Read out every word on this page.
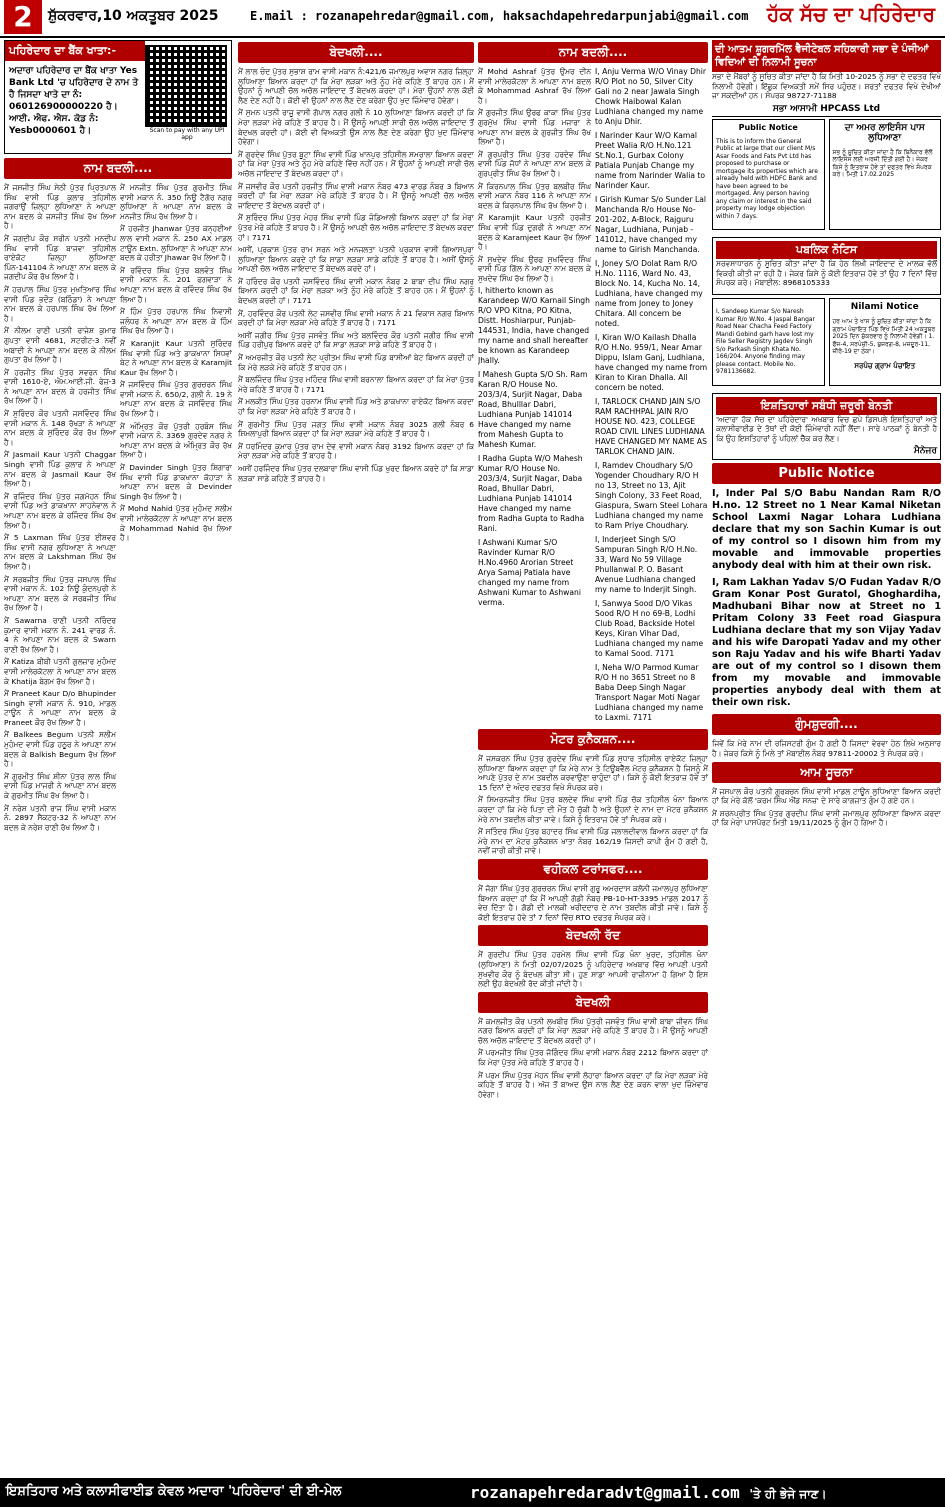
2	ਸ਼ੁੱਕਰਵਾਰ,10 ਅਕਤੂਬਰ 2025	E.mail : rozanapehredar@gmail.com, haksachdapehredarpunjabi@gmail.com ਹੱਕ ਸੱਚ ਦਾ ਪਹਿਰੇਦਾਰ
ਪਹਿਰੇਦਾਰ ਦਾ ਬੈਂਕ ਖਾਤਾ:-
ਅਦਾਰਾ ਪਹਿਰੇਦਾਰ ਦਾ ਬੈਂਕ ਖਾਤਾ Yes Bank Ltd 'ਚ ਪਹਿਰੇਦਾਰ ਦੇ ਨਾਮ ਤੇ ਹੈ ਜਿਸਦਾ ਖਾਤੇ ਦਾ ਨੰ: 060126900000220 ਹੈ। ਆਈ. ਐਫ. ਐਸ. ਕੋਡ ਨੰ: Yesb0000601 ਹੈ।	Scan to pay with any UPI app
ਨਾਮ ਬਦਲੀ....

ਮੈਂ ਜਸਜੀਤ ਸਿੰਘ ਸੇਠੀ ਪੁੱਤਰ ਪ੍ਰਿਤਪਾਲ ਸਿੰਘ ਵਾਸੀ ਪਿੰਡ ਕੁਲਾਰ ਤਹਿਸੀਲ ਜਗਰਾਉਂ ਜ਼ਿਲ੍ਹਾ ਲੁਧਿਆਣਾ ਨੇ ਆਪਣਾ ਨਾਮ ਬਦਲ ਕੇ ਜਸਜੀਤ ਸਿੰਘ ਰੱਖ ਲਿਆ ਹੈ।

ਮੈਂ ਜਗਦੀਪ ਕੌਰ ਸਰੀਨ ਪਤਨੀ ਮਨਦੀਪ ਸਿੰਘ ਵਾਸੀ ਪਿੰਡ ਬਾਜਵਾ ਤਹਿਸੀਲ ਰਾਏਕੋਟ ਜ਼ਿਲ੍ਹਾ ਲੁਧਿਆਣਾ ਪਿੰਨ-141104 ਨੇ ਆਪਣਾ ਨਾਮ ਬਦਲ ਕੇ ਜਗਦੀਪ ਕੌਰ ਰੱਖ ਲਿਆ ਹੈ।

ਮੈਂ ਹਰਪਾਲ ਸਿੰਘ ਪੁੱਤਰ ਮੁਖਤਿਆਰ ਸਿੰਘ ਵਾਸੀ ਪਿੰਡ ਭਦੌੜ (ਬਠਿੰਡਾ) ਨੇ ਆਪਣਾ ਨਾਮ ਬਦਲ ਕੇ ਹਰਪਾਲ ਸਿੰਘ ਰੱਖ ਲਿਆ ਹੈ।

ਮੈਂ ਨੀਲਮ ਰਾਣੀ ਪਤਨੀ ਰਾਜੇਸ਼ ਕੁਮਾਰ ਗੁਪਤਾ ਵਾਸੀ 4681, ਸਟਰੀਟ-3 ਨਵੀਂ ਅਬਾਦੀ ਨੇ ਆਪਣਾ ਨਾਮ ਬਦਲ ਕੇ ਨੀਲਮ ਗੁਪਤਾ ਰੱਖ ਲਿਆ ਹੈ।

ਮੈਂ ਹਰਜੀਤ ਸਿੰਘ ਪੁੱਤਰ ਸਵਰਨ ਸਿੰਘ ਵਾਸੀ 1610-ਏ, ਐਮ.ਆਈ.ਜੀ. ਫੇਜ਼-3 ਨੇ ਆਪਣਾ ਨਾਮ ਬਦਲ ਕੇ ਹਰਜੀਤ ਸਿੰਘ ਰੱਖ ਲਿਆ ਹੈ।

ਮੈਂ ਸੁਰਿੰਦਰ ਕੌਰ ਪਤਨੀ ਜਸਵਿੰਦਰ ਸਿੰਘ ਵਾਸੀ ਮਕਾਨ ਨੰ. 148 ਰੱਖੜਾ ਨੇ ਆਪਣਾ ਨਾਮ ਬਦਲ ਕੇ ਸੁਰਿੰਦਰ ਕੌਰ ਰੱਖ ਲਿਆ ਹੈ।

ਮੈਂ Jasmail Kaur ਪਤਨੀ Chaggar Singh ਵਾਸੀ ਪਿੰਡ ਕੁਲਾਰ ਨੇ ਆਪਣਾ ਨਾਮ ਬਦਲ ਕੇ Jasmail Kaur ਰੱਖ ਲਿਆ ਹੈ।

ਮੈਂ ਰਜਿੰਦਰ ਸਿੰਘ ਪੁੱਤਰ ਜਗਮੋਹਨ ਸਿੰਘ ਵਾਸੀ ਪਿੰਡ ਅਤੇ ਡਾਕਖਾਨਾ ਸਾਹਨੇਵਾਲ ਨੇ ਆਪਣਾ ਨਾਮ ਬਦਲ ਕੇ ਰਜਿੰਦਰ ਸਿੰਘ ਰੱਖ ਲਿਆ ਹੈ।

ਮੈਂ 5 Laxman ਸਿੰਘ ਪੁੱਤਰ ਈਸ਼ਵਰ ਸਿੰਘ ਵਾਸੀ ਨਗਰ ਲੁਧਿਆਣਾ ਨੇ ਆਪਣਾ ਨਾਮ ਬਦਲ ਕੇ Lakshman ਸਿੰਘ ਰੱਖ ਲਿਆ ਹੈ।

ਮੈਂ ਸਰਬਜੀਤ ਸਿੰਘ ਪੁੱਤਰ ਜਸਪਾਲ ਸਿੰਘ ਵਾਸੀ ਮਕਾਨ ਨੰ. 102 ਨਿਊ ਕੁੰਦਨਪੁਰੀ ਨੇ ਆਪਣਾ ਨਾਮ ਬਦਲ ਕੇ ਸਰਬਜੀਤ ਸਿੰਘ ਰੱਖ ਲਿਆ ਹੈ।

ਮੈਂ Sawarna ਰਾਣੀ ਪਤਨੀ ਨਰਿੰਦਰ ਕੁਮਾਰ ਵਾਸੀ ਮਕਾਨ ਨੰ. 241 ਵਾਰਡ ਨੰ. 4 ਨੇ ਆਪਣਾ ਨਾਮ ਬਦਲ ਕੇ Swarn ਰਾਣੀ ਰੱਖ ਲਿਆ ਹੈ।

ਮੈਂ Katiza ਬੀਬੀ ਪਤਨੀ ਗੁਲਜ਼ਾਰ ਮੁਹੰਮਦ ਵਾਸੀ ਮਾਲੇਰਕੋਟਲਾ ਨੇ ਆਪਣਾ ਨਾਮ ਬਦਲ ਕੇ Khatija ਬੇਗਮ ਰੱਖ ਲਿਆ ਹੈ।

ਮੈਂ Praneet Kaur D/o Bhupinder Singh ਵਾਸੀ ਮਕਾਨ ਨੰ. 910, ਮਾਡਲ ਟਾਊਨ ਨੇ ਆਪਣਾ ਨਾਮ ਬਦਲ ਕੇ Praneet ਕੌਰ ਰੱਖ ਲਿਆ ਹੈ।

ਮੈਂ Balkees Begum ਪਤਨੀ ਸਲੀਮ ਮੁਹੰਮਦ ਵਾਸੀ ਪਿੰਡ ਹਠੂਰ ਨੇ ਆਪਣਾ ਨਾਮ ਬਦਲ ਕੇ Balkish Begum ਰੱਖ ਲਿਆ ਹੈ।

ਮੈਂ ਗੁਰਮੀਤ ਸਿੰਘ ਸ਼ੀਨਾ ਪੁੱਤਰ ਲਾਲ ਸਿੰਘ ਵਾਸੀ ਪਿੰਡ ਮਾਜਰੀ ਨੇ ਆਪਣਾ ਨਾਮ ਬਦਲ ਕੇ ਗੁਰਮੀਤ ਸਿੰਘ ਰੱਖ ਲਿਆ ਹੈ।

ਮੈਂ ਨਰੇਸ਼ ਪਤਨੀ ਰਾਜ ਸਿੰਘ ਵਾਸੀ ਮਕਾਨ ਨੰ. 2897 ਸੈਕਟਰ-32 ਨੇ ਆਪਣਾ ਨਾਮ ਬਦਲ ਕੇ ਨਰੇਸ਼ ਰਾਣੀ ਰੱਖ ਲਿਆ ਹੈ।

ਮੈਂ ਮਨਜੀਤ ਸਿੰਘ ਪੁੱਤਰ ਗੁਰਮੀਤ ਸਿੰਘ ਵਾਸੀ ਮਕਾਨ ਨੰ. 350 ਨਿਊ ਟੈਗੋਰ ਨਗਰ ਲੁਧਿਆਣਾ ਨੇ ਆਪਣਾ ਨਾਮ ਬਦਲ ਕੇ ਮਨਜੀਤ ਸਿੰਘ ਰੱਖ ਲਿਆ ਹੈ।

ਮੈਂ ਹਰਜੀਤ Jhanwar ਪੁੱਤਰ ਕਨ੍ਹਈਆ ਲਾਲ ਵਾਸੀ ਮਕਾਨ ਨੰ. 250 AX ਮਾਡਲ ਟਾਊਨ Extn. ਲੁਧਿਆਣਾ ਨੇ ਆਪਣਾ ਨਾਮ ਬਦਲ ਕੇ ਹਰੀਤਾ Jhawar ਰੱਖ ਲਿਆ ਹੈ।

ਮੈਂ ਰਵਿੰਦਰ ਸਿੰਘ ਪੁੱਤਰ ਬਲਵੰਤ ਸਿੰਘ ਵਾਸੀ ਮਕਾਨ ਨੰ. 201 ਫਗਵਾੜਾ ਨੇ ਆਪਣਾ ਨਾਮ ਬਦਲ ਕੇ ਰਵਿੰਦਰ ਸਿੰਘ ਰੱਖ ਲਿਆ ਹੈ।

ਮੈਂ ਹਿੰਮ ਪੁੱਤਰ ਹਰਪਾਲ ਸਿੰਘ ਨਿਵਾਸੀ ਜਲੰਧਰ ਨੇ ਆਪਣਾ ਨਾਮ ਬਦਲ ਕੇ ਹਿੰਮ ਸਿੰਘ ਰੱਖ ਲਿਆ ਹੈ।

ਮੈਂ Karanjit Kaur ਪਤਨੀ ਸੁਰਿੰਦਰ ਸਿੰਘ ਵਾਸੀ ਪਿੰਡ ਅਤੇ ਡਾਕਖਾਨਾ ਸਿਧਵਾਂ ਬੇਟ ਨੇ ਆਪਣਾ ਨਾਮ ਬਦਲ ਕੇ Karamjit Kaur ਰੱਖ ਲਿਆ ਹੈ।

ਮੈਂ ਜਸਵਿੰਦਰ ਸਿੰਘ ਪੁੱਤਰ ਗੁਰਚਰਨ ਸਿੰਘ ਵਾਸੀ ਮਕਾਨ ਨੰ. 650/2, ਗਲੀ ਨੰ. 19 ਨੇ ਆਪਣਾ ਨਾਮ ਬਦਲ ਕੇ ਜਸਵਿੰਦਰ ਸਿੰਘ ਰੱਖ ਲਿਆ ਹੈ।

ਮੈਂ ਅੰਮ੍ਰਿਤ ਕੌਰ ਪੁੱਤਰੀ ਹਰਬੰਸ ਸਿੰਘ ਵਾਸੀ ਮਕਾਨ ਨੰ. 3369 ਗੁਰਦੇਵ ਨਗਰ ਨੇ ਆਪਣਾ ਨਾਮ ਬਦਲ ਕੇ ਅੰਮ੍ਰਿਤ ਕੌਰ ਰੱਖ ਲਿਆ ਹੈ।

ਮੈਂ Davinder Singh ਪੁੱਤਰ ਸ਼ਿਗਾਰਾ ਸਿੰਘ ਵਾਸੀ ਪਿੰਡ ਡਾਕਖਾਨਾ ਕੋਹਾੜਾ ਨੇ ਆਪਣਾ ਨਾਮ ਬਦਲ ਕੇ Devinder Singh ਰੱਖ ਲਿਆ ਹੈ।

ਮੈਂ Mohd Nahid ਪੁੱਤਰ ਮੁਹੰਮਦ ਸਲੀਮ ਵਾਸੀ ਮਾਲੇਰਕੋਟਲਾ ਨੇ ਆਪਣਾ ਨਾਮ ਬਦਲ ਕੇ Mohammad Nahid ਰੱਖ ਲਿਆ ਹੈ।

ਬੇਦਖਲੀ....

ਮੈਂ ਲਾਲ ਚੰਦ ਪੁੱਤਰ ਸੁਭਾਸ਼ ਰਾਮ ਵਾਸੀ ਮਕਾਨ ਨੰ:421/6 ਜਮਾਲਪੁਰ ਅਵਾਸ ਨਗਰ ਜ਼ਿਲ੍ਹਾ ਲੁਧਿਆਣਾ ਬਿਆਨ ਕਰਦਾ ਹਾਂ ਕਿ ਮੇਰਾ ਲੜਕਾ ਅਤੇ ਨੂੰਹ ਮੇਰੇ ਕਹਿਣੇ ਤੋਂ ਬਾਹਰ ਹਨ। ਮੈਂ ਉਹਨਾਂ ਨੂੰ ਆਪਣੀ ਚੱਲ ਅਚੱਲ ਜਾਇਦਾਦ ਤੋਂ ਬੇਦਖਲ ਕਰਦਾ ਹਾਂ। ਮੇਰਾ ਉਹਨਾਂ ਨਾਲ ਕੋਈ ਲੈਣ ਦੇਣ ਨਹੀਂ ਹੈ। ਕੋਈ ਵੀ ਉਹਨਾਂ ਨਾਲ ਲੈਣ ਦੇਣ ਕਰੇਗਾ ਉਹ ਖੁਦ ਜ਼ਿੰਮੇਵਾਰ ਹੋਵੇਗਾ।

ਮੈਂ ਸੁਮਨ ਪਤਨੀ ਰਾਜੂ ਵਾਸੀ ਗੋਪਾਲ ਨਗਰ ਗਲੀ ਨੰ 10 ਲੁਧਿਆਣਾ ਬਿਆਨ ਕਰਦੀ ਹਾਂ ਕਿ ਮੇਰਾ ਲੜਕਾ ਮੇਰੇ ਕਹਿਣੇ ਤੋਂ ਬਾਹਰ ਹੈ। ਮੈਂ ਉਸਨੂੰ ਆਪਣੀ ਸਾਰੀ ਚੱਲ ਅਚੱਲ ਜਾਇਦਾਦ ਤੋਂ ਬੇਦਖਲ ਕਰਦੀ ਹਾਂ। ਕੋਈ ਵੀ ਵਿਅਕਤੀ ਉਸ ਨਾਲ ਲੈਣ ਦੇਣ ਕਰੇਗਾ ਉਹ ਖੁਦ ਜ਼ਿੰਮੇਵਾਰ ਹੋਵੇਗਾ।

ਮੈਂ ਗੁਰਦੇਵ ਸਿੰਘ ਪੁੱਤਰ ਬੂਟਾ ਸਿੰਘ ਵਾਸੀ ਪਿੰਡ ਖਾਨਪੁਰ ਤਹਿਸੀਲ ਸਮਰਾਲਾ ਬਿਆਨ ਕਰਦਾ ਹਾਂ ਕਿ ਮੇਰਾ ਪੁੱਤਰ ਅਤੇ ਨੂੰਹ ਮੇਰੇ ਕਹਿਣੇ ਵਿੱਚ ਨਹੀਂ ਹਨ। ਮੈਂ ਉਹਨਾਂ ਨੂੰ ਆਪਣੀ ਸਾਰੀ ਚੱਲ ਅਚੱਲ ਜਾਇਦਾਦ ਤੋਂ ਬੇਦਖਲ ਕਰਦਾ ਹਾਂ।

ਮੈਂ ਜਸਵੀਰ ਕੌਰ ਪਤਨੀ ਹਰਜੀਤ ਸਿੰਘ ਵਾਸੀ ਮਕਾਨ ਨੰਬਰ 473 ਵਾਰਡ ਨੰਬਰ 3 ਬਿਆਨ ਕਰਦੀ ਹਾਂ ਕਿ ਮੇਰਾ ਲੜਕਾ ਮੇਰੇ ਕਹਿਣੇ ਤੋਂ ਬਾਹਰ ਹੈ। ਮੈਂ ਉਸਨੂੰ ਆਪਣੀ ਚੱਲ ਅਚੱਲ ਜਾਇਦਾਦ ਤੋਂ ਬੇਦਖਲ ਕਰਦੀ ਹਾਂ।

ਮੈਂ ਸੁਰਿੰਦਰ ਸਿੰਘ ਪੁੱਤਰ ਮੇਹਰ ਸਿੰਘ ਵਾਸੀ ਪਿੰਡ ਜੰਡਿਆਲੀ ਬਿਆਨ ਕਰਦਾ ਹਾਂ ਕਿ ਮੇਰਾ ਪੁੱਤਰ ਮੇਰੇ ਕਹਿਣੇ ਤੋਂ ਬਾਹਰ ਹੈ। ਮੈਂ ਉਸਨੂੰ ਆਪਣੀ ਚੱਲ ਅਚੱਲ ਜਾਇਦਾਦ ਤੋਂ ਬੇਦਖਲ ਕਰਦਾ ਹਾਂ। 7171

ਅਸੀਂ, ਪ੍ਰਕਾਸ਼ ਪੁੱਤਰ ਰਾਮ ਸਰਨ ਅਤੇ ਮਨਜਲਤਾ ਪਤਨੀ ਪ੍ਰਕਾਸ਼ ਵਾਸੀ ਗਿਆਸਪੁਰਾ ਲੁਧਿਆਣਾ ਬਿਆਨ ਕਰਦੇ ਹਾਂ ਕਿ ਸਾਡਾ ਲੜਕਾ ਸਾਡੇ ਕਹਿਣੇ ਤੋਂ ਬਾਹਰ ਹੈ। ਅਸੀਂ ਉਸਨੂੰ ਆਪਣੀ ਚੱਲ ਅਚੱਲ ਜਾਇਦਾਦ ਤੋਂ ਬੇਦਖਲ ਕਰਦੇ ਹਾਂ।

ਮੈਂ ਹਰਿੰਦਰ ਕੌਰ ਪਤਨੀ ਜਸਵਿੰਦਰ ਸਿੰਘ ਵਾਸੀ ਮਕਾਨ ਨੰਬਰ 2 ਬਾਬਾ ਦੀਪ ਸਿੰਘ ਨਗਰ ਬਿਆਨ ਕਰਦੀ ਹਾਂ ਕਿ ਮੇਰਾ ਲੜਕਾ ਅਤੇ ਨੂੰਹ ਮੇਰੇ ਕਹਿਣੇ ਤੋਂ ਬਾਹਰ ਹਨ। ਮੈਂ ਉਹਨਾਂ ਨੂੰ ਬੇਦਖਲ ਕਰਦੀ ਹਾਂ। 7171

ਮੈਂ, ਹਰਵਿੰਦਰ ਕੌਰ ਪਤਨੀ ਲੇਟ ਜਸਵੀਰ ਸਿੰਘ ਵਾਸੀ ਮਕਾਨ ਨੰ 21 ਵਿਕਾਸ ਨਗਰ ਬਿਆਨ ਕਰਦੀ ਹਾਂ ਕਿ ਮੇਰਾ ਲੜਕਾ ਮੇਰੇ ਕਹਿਣੇ ਤੋਂ ਬਾਹਰ ਹੈ। 7171

ਅਸੀਂ ਜਗੀਰ ਸਿੰਘ ਪੁੱਤਰ ਜਸਵੰਤ ਸਿੰਘ ਅਤੇ ਬਲਵਿੰਦਰ ਕੌਰ ਪਤਨੀ ਜਗੀਰ ਸਿੰਘ ਵਾਸੀ ਪਿੰਡ ਹਰੀਪੁਰ ਬਿਆਨ ਕਰਦੇ ਹਾਂ ਕਿ ਸਾਡਾ ਲੜਕਾ ਸਾਡੇ ਕਹਿਣੇ ਤੋਂ ਬਾਹਰ ਹੈ।

ਮੈਂ ਅਮਰਜੀਤ ਕੌਰ ਪਤਨੀ ਲੇਟ ਪ੍ਰੀਤਮ ਸਿੰਘ ਵਾਸੀ ਪਿੰਡ ਬਾਸੀਆਂ ਬੇਟ ਬਿਆਨ ਕਰਦੀ ਹਾਂ ਕਿ ਮੇਰੇ ਲੜਕੇ ਮੇਰੇ ਕਹਿਣੇ ਤੋਂ ਬਾਹਰ ਹਨ।

ਮੈਂ ਬਲਜਿੰਦਰ ਸਿੰਘ ਪੁੱਤਰ ਮਹਿੰਦਰ ਸਿੰਘ ਵਾਸੀ ਬਰਨਾਲਾ ਬਿਆਨ ਕਰਦਾ ਹਾਂ ਕਿ ਮੇਰਾ ਪੁੱਤਰ ਮੇਰੇ ਕਹਿਣੇ ਤੋਂ ਬਾਹਰ ਹੈ। 7171

ਮੈਂ ਮਲਕੀਤ ਸਿੰਘ ਪੁੱਤਰ ਹਰਨਾਮ ਸਿੰਘ ਵਾਸੀ ਪਿੰਡ ਅਤੇ ਡਾਕਖਾਨਾ ਰਾਏਕੋਟ ਬਿਆਨ ਕਰਦਾ ਹਾਂ ਕਿ ਮੇਰਾ ਲੜਕਾ ਮੇਰੇ ਕਹਿਣੇ ਤੋਂ ਬਾਹਰ ਹੈ।

ਮੈਂ ਗੁਰਮੀਤ ਸਿੰਘ ਪੁੱਤਰ ਜਗਤ ਸਿੰਘ ਵਾਸੀ ਮਕਾਨ ਨੰਬਰ 3025 ਗਲੀ ਨੰਬਰ 6 ਸ਼ਿਮਲਾਪੁਰੀ ਬਿਆਨ ਕਰਦਾ ਹਾਂ ਕਿ ਮੇਰਾ ਲੜਕਾ ਮੇਰੇ ਕਹਿਣੇ ਤੋਂ ਬਾਹਰ ਹੈ।

ਮੈਂ ਧਰਮਿੰਦਰ ਕੁਮਾਰ ਪੁੱਤਰ ਰਾਮ ਦੇਵ ਵਾਸੀ ਮਕਾਨ ਨੰਬਰ 3192 ਬਿਆਨ ਕਰਦਾ ਹਾਂ ਕਿ ਮੇਰਾ ਲੜਕਾ ਮੇਰੇ ਕਹਿਣੇ ਤੋਂ ਬਾਹਰ ਹੈ।

ਅਸੀਂ ਹਰਜਿੰਦਰ ਸਿੰਘ ਪੁੱਤਰ ਦਲਬਾਰਾ ਸਿੰਘ ਵਾਸੀ ਪਿੰਡ ਖੁਰਦ ਬਿਆਨ ਕਰਦੇ ਹਾਂ ਕਿ ਸਾਡਾ ਲੜਕਾ ਸਾਡੇ ਕਹਿਣੇ ਤੋਂ ਬਾਹਰ ਹੈ।

ਨਾਮ ਬਦਲੀ....

ਮੈਂ Mohd Ashraf ਪੁੱਤਰ ਉਮਰ ਦੀਨ ਵਾਸੀ ਮਾਲੇਰਕੋਟਲਾ ਨੇ ਆਪਣਾ ਨਾਮ ਬਦਲ ਕੇ Mohammad Ashraf ਰੱਖ ਲਿਆ ਹੈ।

ਮੈਂ ਗੁਰਜੀਤ ਸਿੰਘ ਉਰਫ ਕਾਕਾ ਸਿੰਘ ਪੁੱਤਰ ਗੁਰਮੁੱਖ ਸਿੰਘ ਵਾਸੀ ਪਿੰਡ ਮਜਾਰਾ ਨੇ ਆਪਣਾ ਨਾਮ ਬਦਲ ਕੇ ਗੁਰਜੀਤ ਸਿੰਘ ਰੱਖ ਲਿਆ ਹੈ।

ਮੈਂ ਗੁਰਪ੍ਰੀਤ ਸਿੰਘ ਪੁੱਤਰ ਹਰਦੇਵ ਸਿੰਘ ਵਾਸੀ ਪਿੰਡ ਜੋਧਾਂ ਨੇ ਆਪਣਾ ਨਾਮ ਬਦਲ ਕੇ ਗੁਰਪ੍ਰੀਤ ਸਿੰਘ ਰੱਖ ਲਿਆ ਹੈ।

ਮੈਂ ਕਿਰਨਪਾਲ ਸਿੰਘ ਪੁੱਤਰ ਬਲਬੀਰ ਸਿੰਘ ਵਾਸੀ ਮਕਾਨ ਨੰਬਰ 116 ਨੇ ਆਪਣਾ ਨਾਮ ਬਦਲ ਕੇ ਕਿਰਨਪਾਲ ਸਿੰਘ ਰੱਖ ਲਿਆ ਹੈ।

ਮੈਂ Karamjit Kaur ਪਤਨੀ ਹਰਜੀਤ ਸਿੰਘ ਵਾਸੀ ਪਿੰਡ ਦੁਗਰੀ ਨੇ ਆਪਣਾ ਨਾਮ ਬਦਲ ਕੇ Karamjeet Kaur ਰੱਖ ਲਿਆ ਹੈ।

ਮੈਂ ਸੁਖਦੇਵ ਸਿੰਘ ਉਰਫ ਸੁਖਵਿੰਦਰ ਸਿੰਘ ਵਾਸੀ ਪਿੰਡ ਗਿੱਲ ਨੇ ਆਪਣਾ ਨਾਮ ਬਦਲ ਕੇ ਸੁਖਦੇਵ ਸਿੰਘ ਰੱਖ ਲਿਆ ਹੈ।

I, hitherto known as Karandeep W/O Karnail Singh R/O VPO Kitna, PO Kitna, Distt. Hoshiarpur, Punjab-144531, India, have changed my name and shall hereafter be known as Karandeep Jhally.

I Mahesh Gupta S/O Sh. Ram Karan R/O House No. 203/3/4, Surjit Nagar, Daba Road, Bhulllar Dabri, Ludhiana Punjab 141014 Have changed my name from Mahesh Gupta to Mahesh Kumar.

I Radha Gupta W/O Mahesh Kumar R/O House No. 203/3/4, Surjit Nagar, Daba Road, Bhullar Dabri, Ludhiana Punjab 141014 Have changed my name from Radha Gupta to Radha Rani.

I Ashwani Kumar S/O Ravinder Kumar R/O H.No.4960 Arorian Street Arya Samaj Patiala have changed my name from Ashwani Kumar to Ashwani verma.

I, Anju Verma W/O Vinay Dhir R/O Plot no 50, Silver City Gali no 2 near Jawala Singh Chowk Haibowal Kalan Ludhiana changed my name to Anju Dhir.

I Narinder Kaur W/O Kamal Preet Walia R/O H.No.121 St.No.1, Gurbax Colony Patiala Punjab Change my name from Narinder Walia to Narinder Kaur.

I Girish Kumar S/o Sunder Lal Manchanda R/o House No-201-202, A-Block, Rajguru Nagar, Ludhiana, Punjab - 141012, have changed my name to Girish Manchanda.

I, Joney S/O Dolat Ram R/O H.No. 1116, Ward No. 43, Block No. 14, Kucha No. 14, Ludhiana, have changed my name from Joney to Joney Chitara. All concern be noted.

I, Kiran W/O Kailash Dhalla R/O H.No. 959/1, Near Amar Dippu, Islam Ganj, Ludhiana, have changed my name from Kiran to Kiran Dhalla. All concern be noted.

I, TARLOCK CHAND JAIN S/O RAM RACHHPAL JAIN R/O HOUSE NO. 423, COLLEGE ROAD CIVIL LINES LUDHIANA HAVE CHANGED MY NAME AS TARLOK CHAND JAIN.

I, Ramdev Choudhary S/O Yogender Choudhary R/O H no 13, Street no 13, Ajit Singh Colony, 33 Feet Road, Giaspura, Swarn Steel Lohara Ludhiana changed my name to Ram Priye Choudhary.

I, Inderjeet Singh S/O Sampuran Singh R/O H.No. 33, Ward No 59 Village Phullanwal P. O. Basant Avenue Ludhiana changed my name to Inderjit Singh.

I, Sanwya Sood D/O Vikas Sood R/O H no 69-B, Lodhi Club Road, Backside Hotel Keys, Kiran Vihar Dad, Ludhiana changed my name to Kamal Sood. 7171

I, Neha W/O Parmod Kumar R/O H no 3651 Street no 8 Baba Deep Singh Nagar Transport Nagar Moti Nagar Ludhiana changed my name to Laxmi. 7171

ਮੋਟਰ ਕੁਨੈਕਸ਼ਨ....

ਮੈਂ ਜਸਕਰਨ ਸਿੰਘ ਪੁੱਤਰ ਗੁਰਦੇਵ ਸਿੰਘ ਵਾਸੀ ਪਿੰਡ ਸੁਧਾਰ ਤਹਿਸੀਲ ਰਾਏਕੋਟ ਜ਼ਿਲ੍ਹਾ ਲੁਧਿਆਣਾ ਬਿਆਨ ਕਰਦਾ ਹਾਂ ਕਿ ਮੇਰੇ ਨਾਮ ਤੇ ਟਿਊਬਵੈੱਲ ਮੋਟਰ ਕੁਨੈਕਸ਼ਨ ਹੈ ਜਿਸਨੂੰ ਮੈਂ ਆਪਣੇ ਪੁੱਤਰ ਦੇ ਨਾਮ ਤਬਦੀਲ ਕਰਵਾਉਣਾ ਚਾਹੁੰਦਾ ਹਾਂ। ਕਿਸੇ ਨੂੰ ਕੋਈ ਇਤਰਾਜ਼ ਹੋਵੇ ਤਾਂ 15 ਦਿਨਾਂ ਦੇ ਅੰਦਰ ਦਫਤਰ ਵਿਖੇ ਸੰਪਰਕ ਕਰੇ।

ਮੈਂ ਸਿਮਰਨਜੀਤ ਸਿੰਘ ਪੁੱਤਰ ਬਲਦੇਵ ਸਿੰਘ ਵਾਸੀ ਪਿੰਡ ਚੱਕ ਤਹਿਸੀਲ ਖੰਨਾ ਬਿਆਨ ਕਰਦਾ ਹਾਂ ਕਿ ਮੇਰੇ ਪਿਤਾ ਦੀ ਮੌਤ ਹੋ ਚੁੱਕੀ ਹੈ ਅਤੇ ਉਹਨਾਂ ਦੇ ਨਾਮ ਦਾ ਮੋਟਰ ਕੁਨੈਕਸ਼ਨ ਮੇਰੇ ਨਾਮ ਤਬਦੀਲ ਕੀਤਾ ਜਾਵੇ। ਕਿਸੇ ਨੂੰ ਇਤਰਾਜ਼ ਹੋਵੇ ਤਾਂ ਸੰਪਰਕ ਕਰੇ।

ਮੈਂ ਸਤਿੰਦਰ ਸਿੰਘ ਪੁੱਤਰ ਬਹਾਦਰ ਸਿੰਘ ਵਾਸੀ ਪਿੰਡ ਜਲਾਲਦੀਵਾਲ ਬਿਆਨ ਕਰਦਾ ਹਾਂ ਕਿ ਮੇਰੇ ਨਾਮ ਦਾ ਮੋਟਰ ਕੁਨੈਕਸ਼ਨ ਖਾਤਾ ਨੰਬਰ 162/19 ਜਿਸਦੀ ਕਾਪੀ ਗੁੰਮ ਹੋ ਗਈ ਹੈ, ਨਵੀਂ ਜਾਰੀ ਕੀਤੀ ਜਾਵੇ।

ਵਹੀਕਲ ਟਰਾਂਸਫਰ....

ਮੈਂ ਜੋਗਾ ਸਿੰਘ ਪੁੱਤਰ ਗੁਰਚਰਨ ਸਿੰਘ ਵਾਸੀ ਗੁਰੂ ਅਮਰਦਾਸ ਕਲੋਨੀ ਜਮਾਲਪੁਰ ਲੁਧਿਆਣਾ ਬਿਆਨ ਕਰਦਾ ਹਾਂ ਕਿ ਮੈਂ ਆਪਣੀ ਗੱਡੀ ਨੰਬਰ PB-10-HT-3395 ਮਾਡਲ 2017 ਨੂੰ ਵੇਚ ਦਿੱਤਾ ਹੈ। ਗੱਡੀ ਦੀ ਮਾਲਕੀ ਖਰੀਦਦਾਰ ਦੇ ਨਾਮ ਤਬਦੀਲ ਕੀਤੀ ਜਾਵੇ। ਕਿਸੇ ਨੂੰ ਕੋਈ ਇਤਰਾਜ਼ ਹੋਵੇ ਤਾਂ 7 ਦਿਨਾਂ ਵਿੱਚ RTO ਦਫਤਰ ਸੰਪਰਕ ਕਰੇ।

ਬੇਦਖਲੀ ਰੱਦ

ਮੈਂ ਗੁਰਦੀਪ ਸਿੰਘ ਪੁੱਤਰ ਹਰਮੇਲ ਸਿੰਘ ਵਾਸੀ ਪਿੰਡ ਖੰਨਾ ਖੁਰਦ, ਤਹਿਸੀਲ ਖੰਨਾ (ਲੁਧਿਆਣਾ) ਨੇ ਮਿਤੀ 02/07/2025 ਨੂੰ ਪਹਿਰੇਦਾਰ ਅਖਬਾਰ ਵਿੱਚ ਆਪਣੀ ਪਤਨੀ ਸੁਖਵੀਰ ਕੌਰ ਨੂੰ ਬੇਦਖਲ ਕੀਤਾ ਸੀ। ਹੁਣ ਸਾਡਾ ਆਪਸੀ ਰਾਜ਼ੀਨਾਮਾ ਹੋ ਗਿਆ ਹੈ ਇਸ ਲਈ ਉਹ ਬੇਦਖਲੀ ਰੱਦ ਕੀਤੀ ਜਾਂਦੀ ਹੈ।

ਬੇਦਖਲੀ

ਮੈਂ ਕਮਲਜੀਤ ਕੌਰ ਪਤਨੀ ਲਖਬੀਰ ਸਿੰਘ ਪੁੱਤਰੀ ਜਸਵੰਤ ਸਿੰਘ ਵਾਸੀ ਬਾਬਾ ਜੀਵਨ ਸਿੰਘ ਨਗਰ ਬਿਆਨ ਕਰਦੀ ਹਾਂ ਕਿ ਮੇਰਾ ਲੜਕਾ ਮੇਰੇ ਕਹਿਣੇ ਤੋਂ ਬਾਹਰ ਹੈ। ਮੈਂ ਉਸਨੂੰ ਆਪਣੀ ਚੱਲ ਅਚੱਲ ਜਾਇਦਾਦ ਤੋਂ ਬੇਦਖਲ ਕਰਦੀ ਹਾਂ।

ਮੈਂ ਪਰਮਜੀਤ ਸਿੰਘ ਪੁੱਤਰ ਜੋਗਿੰਦਰ ਸਿੰਘ ਵਾਸੀ ਮਕਾਨ ਨੰਬਰ 2212 ਬਿਆਨ ਕਰਦਾ ਹਾਂ ਕਿ ਮੇਰਾ ਪੁੱਤਰ ਮੇਰੇ ਕਹਿਣੇ ਤੋਂ ਬਾਹਰ ਹੈ।

ਮੈਂ ਪਰਮ ਸਿੰਘ ਪੁੱਤਰ ਮੋਹਨ ਸਿੰਘ ਵਾਸੀ ਲੋਹਾਰਾ ਬਿਆਨ ਕਰਦਾ ਹਾਂ ਕਿ ਮੇਰਾ ਲੜਕਾ ਮੇਰੇ ਕਹਿਣੇ ਤੋਂ ਬਾਹਰ ਹੈ। ਅੱਜ ਤੋਂ ਬਾਅਦ ਉਸ ਨਾਲ ਲੈਣ ਦੇਣ ਕਰਨ ਵਾਲਾ ਖੁਦ ਜ਼ਿੰਮੇਵਾਰ ਹੋਵੇਗਾ।

ਦੀ ਆਤਮ ਸ਼ੂਗਰਮਿੱਲ ਵੈਜੀਟੇਬਲ ਸਹਿਕਾਰੀ ਸਭਾ ਦੇ ਪੰਜੀਆਂ ਵਿਦਿਆਂ ਦੀ ਨਿਲਾਮੀ ਸੂਚਨਾ

ਸਭਾ ਦੇ ਮੈਂਬਰਾਂ ਨੂੰ ਸੂਚਿਤ ਕੀਤਾ ਜਾਂਦਾ ਹੈ ਕਿ ਮਿਤੀ 10-2025 ਨੂੰ ਸਭਾ ਦੇ ਦਫਤਰ ਵਿਖੇ ਨਿਲਾਮੀ ਹੋਵੇਗੀ। ਇੱਛੁਕ ਵਿਅਕਤੀ ਸਮੇਂ ਸਿਰ ਪਹੁੰਚਣ। ਸ਼ਰਤਾਂ ਦਫਤਰ ਵਿਖੇ ਦੇਖੀਆਂ ਜਾ ਸਕਦੀਆਂ ਹਨ। ਸੰਪਰਕ 98727-71188

ਸਭਾ ਆਸਾਮੀ HPCASS Ltd
Public Notice

This is to inform the General Public at large that our client M/s Asar Foods and Fats Pvt Ltd has proposed to purchase or mortgage its properties which are already held with HDFC Bank and have been agreed to be mortgaged. Any person having any claim or interest in the said property may lodge objection within 7 days.

ਦਾ ਅਮਰ ਲਾਇਸੰਸ ਪਾਸ ਲੁਧਿਆਣਾ

ਸਭ ਨੂੰ ਸੂਚਿਤ ਕੀਤਾ ਜਾਂਦਾ ਹੈ ਕਿ ਬਿਨੈਕਾਰ ਵੱਲੋਂ ਲਾਇਸੰਸ ਲਈ ਅਰਜ਼ੀ ਦਿੱਤੀ ਗਈ ਹੈ। ਜੇਕਰ ਕਿਸੇ ਨੂੰ ਇਤਰਾਜ਼ ਹੋਵੇ ਤਾਂ ਦਫਤਰ ਵਿਖੇ ਸੰਪਰਕ ਕਰੇ। ਮਿਤੀ 17.02.2025

ਪਬਲਿਕ ਨੋਟਿਸ

ਸਰਵਸਾਧਾਰਨ ਨੂੰ ਸੂਚਿਤ ਕੀਤਾ ਜਾਂਦਾ ਹੈ ਕਿ ਹੇਠ ਲਿਖੀ ਜਾਇਦਾਦ ਦੇ ਮਾਲਕ ਵੱਲੋਂ ਵਿਕਰੀ ਕੀਤੀ ਜਾ ਰਹੀ ਹੈ। ਜੇਕਰ ਕਿਸੇ ਨੂੰ ਕੋਈ ਇਤਰਾਜ਼ ਹੋਵੇ ਤਾਂ ਉਹ 7 ਦਿਨਾਂ ਵਿੱਚ ਸੰਪਰਕ ਕਰੇ। ਮੋਬਾਈਲ: 8968105333

I, Sandeep Kumar S/o Naresh Kumar R/o W.No. 4 Jaspal Bangar Road Near Chacha Feed Factory Mandi Gobind garh have lost my File Seller Registry Jagdev Singh S/o Parkash Singh Khata No. 166/204. Anyone finding may please contact. Mobile No. 9781136682.

Nilami Notice

ਹਰ ਆਮ ਤੇ ਖਾਸ ਨੂੰ ਸੂਚਿਤ ਕੀਤਾ ਜਾਂਦਾ ਹੈ ਕਿ ਗ੍ਰਾਮ ਪੰਚਾਇਤ ਪਿੰਡ ਵਿਖੇ ਮਿਤੀ 24 ਅਕਤੂਬਰ 2025 ਦਿਨ ਸ਼ੁੱਕਰਵਾਰ ਨੂੰ ਨਿਲਾਮੀ ਹੋਵੇਗੀ। 1. ਫੌਜ-4, ਸਰਪੰਚੀ-5, ਬੁਜ਼ਰਗ-8, ਮਜ਼ਦੂਰ-11, ਜ਼ੀਰੋ-19 ਦਾ ਠੇਕਾ।

ਸਰਪੰਚ ਗ੍ਰਾਮ ਪੰਚਾਇਤ
ਇਸ਼ਤਿਹਾਰਾਂ ਸਬੰਧੀ ਜ਼ਰੂਰੀ ਬੇਨਤੀ

'ਅਦਾਰਾ ਹੱਕ ਸੱਚ ਦਾ ਪਹਿਰੇਦਾਰ' ਅਖਬਾਰ ਵਿਚ ਛਪੇ ਡਿਸਪਲੇ ਇਸ਼ਤਿਹਾਰਾਂ ਅਤੇ ਕਲਾਸੀਫਾਈਡ ਦੇ ਤੱਥਾਂ ਦੀ ਕੋਈ ਜ਼ਿੰਮੇਵਾਰੀ ਨਹੀਂ ਲੈਂਦਾ। ਸਾਰੇ ਪਾਠਕਾਂ ਨੂੰ ਬੇਨਤੀ ਹੈ ਕਿ ਉਹ ਇਸ਼ਤਿਹਾਰਾਂ ਨੂੰ ਪਹਿਲਾਂ ਚੈੱਕ ਕਰ ਲੈਣ।

ਮੈਨੇਜਰ
Public Notice

I, Inder Pal S/O Babu Nandan Ram R/O H.no. 12 Street no 1 Near Kamal Niketan School Laxmi Nagar Lohara Ludhiana declare that my son Sachin Kumar is out of my control so I disown him from my movable and immovable properties anybody deal with him at their own risk.

I, Ram Lakhan Yadav S/O Fudan Yadav R/O Gram Konar Post Guratol, Ghoghardiha, Madhubani Bihar now at Street no 1 Pritam Colony 33 Feet road Giaspura Ludhiana declare that my son Vijay Yadav and his wife Daropati Yadav and my other son Raju Yadav and his wife Bharti Yadav are out of my control so I disown them from my movable and immovable properties anybody deal with them at their own risk.

ਗੁੰਮਸ਼ੁਦਗੀ....

ਜਿਵੇਂ ਕਿ ਮੇਰੇ ਨਾਮ ਦੀ ਰਜਿਸਟਰੀ ਗੁੰਮ ਹੋ ਗਈ ਹੈ ਜਿਸਦਾ ਵੇਰਵਾ ਹੇਠ ਲਿਖੇ ਅਨੁਸਾਰ ਹੈ। ਜੇਕਰ ਕਿਸੇ ਨੂੰ ਮਿਲੇ ਤਾਂ ਮੋਬਾਈਲ ਨੰਬਰ 97811-20002 ਤੇ ਸੰਪਰਕ ਕਰੇ।

ਆਮ ਸੂਚਨਾ

ਮੈਂ ਜਸਪਾਲ ਕੌਰ ਪਤਨੀ ਗੁਰਬਚਨ ਸਿੰਘ ਵਾਸੀ ਮਾਡਲ ਟਾਊਨ ਲੁਧਿਆਣਾ ਬਿਆਨ ਕਰਦੀ ਹਾਂ ਕਿ ਮੇਰੇ ਕੋਲੋਂ 'ਕਰਮ ਸਿੰਘ ਐਂਡ ਸਨਜ਼' ਦੇ ਸਾਰੇ ਕਾਗਜ਼ਾਤ ਗੁੰਮ ਹੋ ਗਏ ਹਨ।

ਮੈਂ ਸ਼ਰਨਪ੍ਰੀਤ ਸਿੰਘ ਪੁੱਤਰ ਗੁਰਦੀਪ ਸਿੰਘ ਵਾਸੀ ਜਮਾਲਪੁਰ ਲੁਧਿਆਣਾ ਬਿਆਨ ਕਰਦਾ ਹਾਂ ਕਿ ਮੇਰਾ ਪਾਸਪੋਰਟ ਮਿਤੀ 19/11/2025 ਨੂੰ ਗੁੰਮ ਹੋ ਗਿਆ ਹੈ।

ਇਸ਼ਤਿਹਾਰ ਅਤੇ ਕਲਾਸੀਫਾਈਡ ਕੇਵਲ ਅਦਾਰਾ 'ਪਹਿਰੇਦਾਰ' ਦੀ ਈ-ਮੇਲ	rozanapehredaradvt@gmail.com 'ਤੇ ਹੀ ਭੇਜੇ ਜਾਣ।
